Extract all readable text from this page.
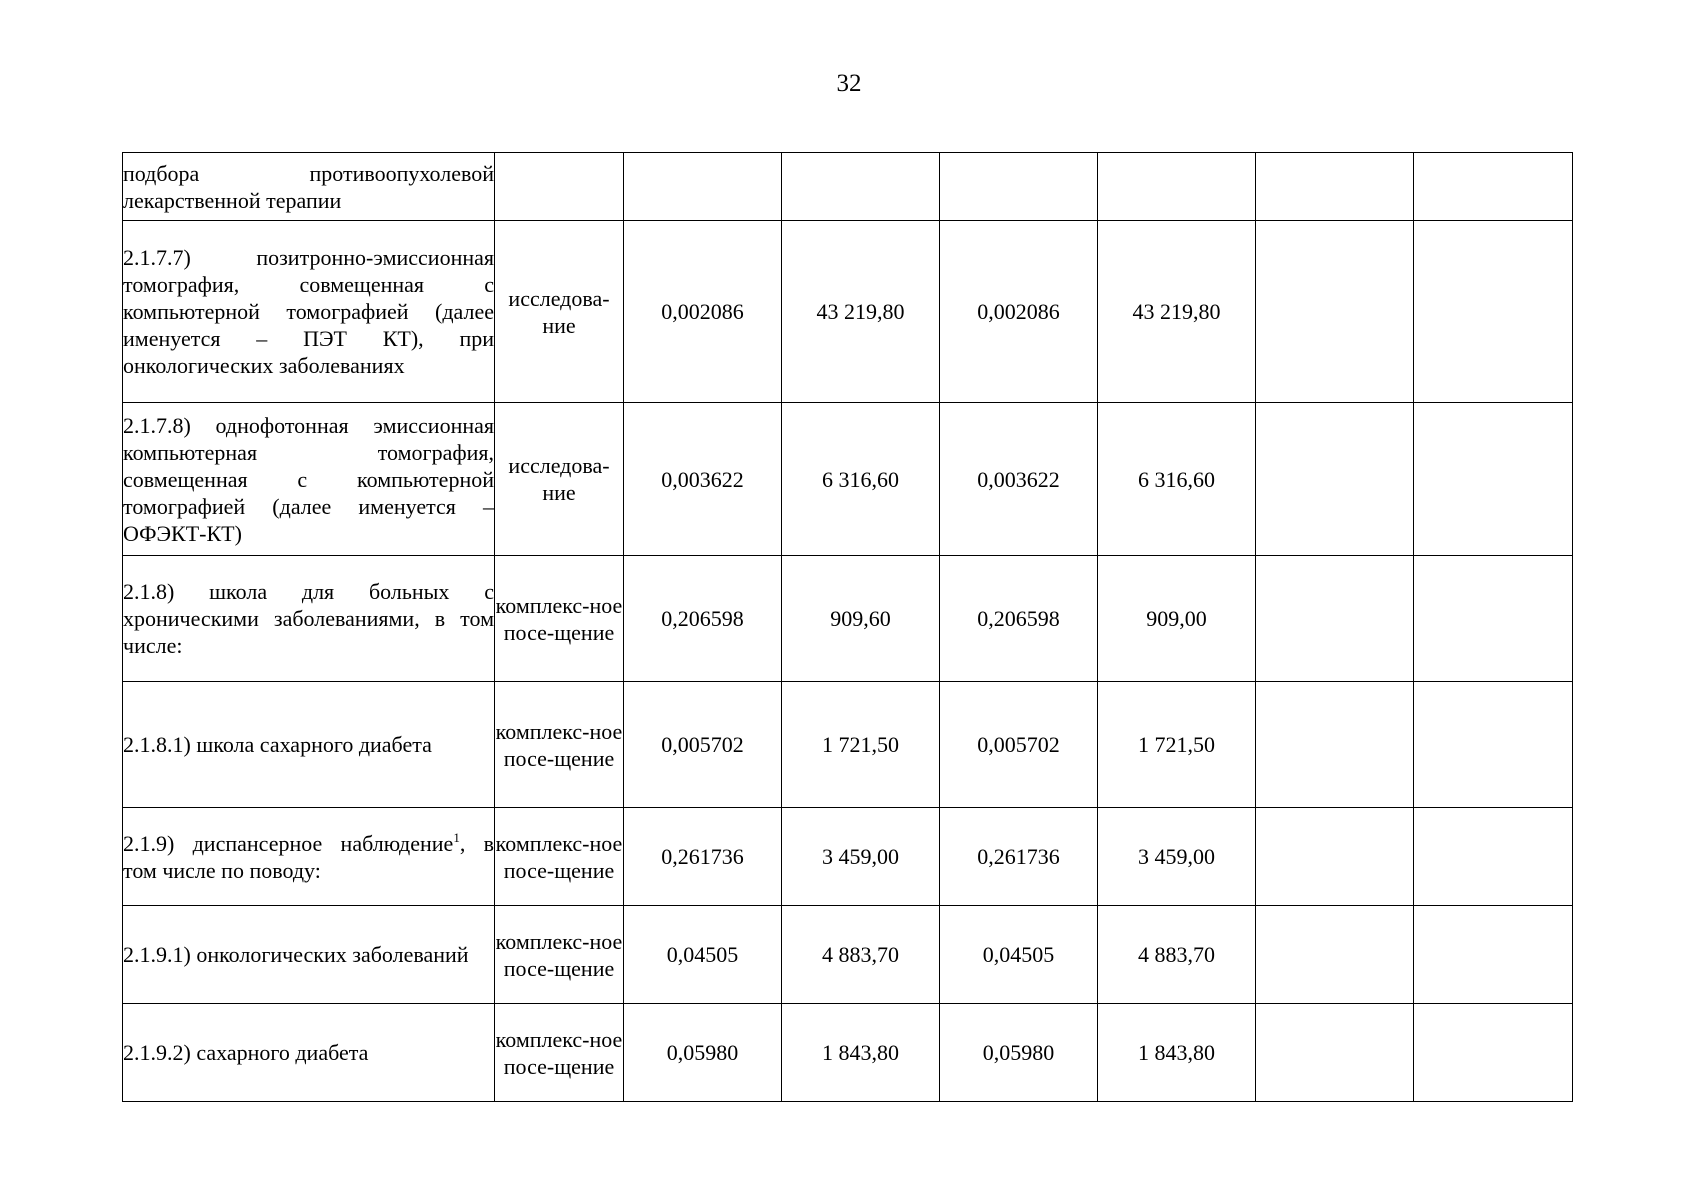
32
подбора противоопухолевой лекарственной терапии							
2.1.7.7) позитронно-эмиссионная томография, совмещенная с компьютерной томографией (далее именуется – ПЭТ КТ), при онкологических заболеваниях	исследова-ние	0,002086	43 219,80	0,002086	43 219,80		
2.1.7.8) однофотонная эмиссионная компьютерная томография, совмещенная с компьютерной томографией (далее именуется – ОФЭКТ-КТ)	исследова-ние	0,003622	6 316,60	0,003622	6 316,60		
2.1.8) школа для больных с хроническими заболеваниями, в том числе:	комплекс-ное посе-щение	0,206598	909,60	0,206598	909,00		
2.1.8.1) школа сахарного диабета	комплекс-ное посе-щение	0,005702	1 721,50	0,005702	1 721,50		
2.1.9) диспансерное наблюдение$^1$, в том числе по поводу:	комплекс-ное посе-щение	0,261736	3 459,00	0,261736	3 459,00		
2.1.9.1) онкологических заболеваний	комплекс-ное посе-щение	0,04505	4 883,70	0,04505	4 883,70		
2.1.9.2) сахарного диабета	комплекс-ное посе-щение	0,05980	1 843,80	0,05980	1 843,80		
